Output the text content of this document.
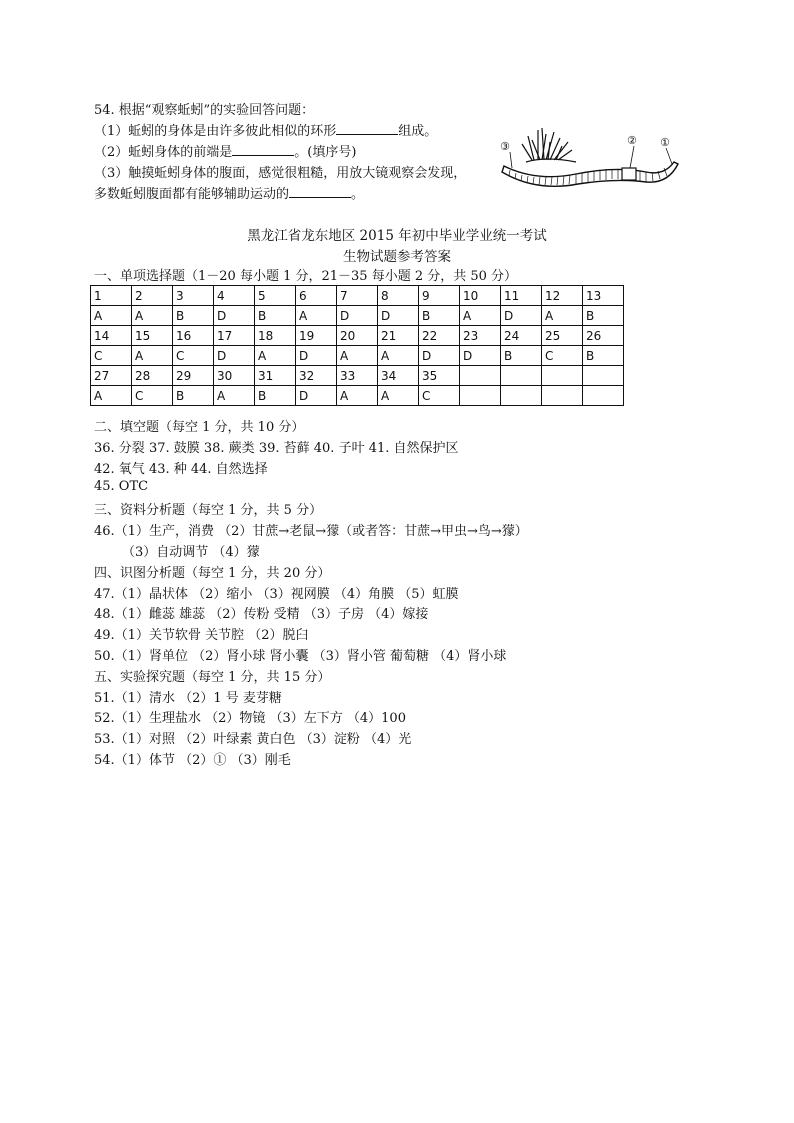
54. 根据“观察蚯蚓”的实验回答问题：
（1）蚯蚓的身体是由许多彼此相似的环形	组成。
（2）蚯蚓身体的前端是	。(填序号)
（3）触摸蚯蚓身体的腹面，感觉很粗糙，用放大镜观察会发现，
多数蚯蚓腹面都有能够辅助运动的	。
③	② ①
黑龙江省龙东地区 2015 年初中毕业学业统一考试
生物试题参考答案
一、单项选择题（1－20 每小题 1 分，21－35 每小题 2 分，共 50 分）
1	2	3	4	5	6	7	8	9	10	11	12	13
A	A	B	D	B	A	D	D	B	A	D	A	B
14	15	16	17	18	19	20	21	22	23	24	25	26
C	A	C	D	A	D	A	A	D	D	B	C	B
27	28	29	30	31	32	33	34	35				
A	C	B	A	B	D	A	A	C				
二、填空题（每空 1 分，共 10 分）
36. 分裂 37. 鼓膜 38. 蕨类 39. 苔藓 40. 子叶 41. 自然保护区
42. 氧气 43. 种 44. 自然选择
45. OTC
三、资料分析题（每空 1 分，共 5 分）
46.（1）生产，消费 （2）甘蔗→老鼠→獴（或者答：甘蔗→甲虫→鸟→獴）
（3）自动调节 （4）獴
四、识图分析题（每空 1 分，共 20 分）
47.（1）晶状体 （2）缩小 （3）视网膜 （4）角膜 （5）虹膜
48.（1）雌蕊 雄蕊 （2）传粉 受精 （3）子房 （4）嫁接
49.（1）关节软骨 关节腔 （2）脱臼
50.（1）肾单位 （2）肾小球 肾小囊 （3）肾小管 葡萄糖 （4）肾小球
五、实验探究题（每空 1 分，共 15 分）
51.（1）清水 （2）1 号 麦芽糖
52.（1）生理盐水 （2）物镜 （3）左下方 （4）100
53.（1）对照 （2）叶绿素 黄白色 （3）淀粉 （4）光
54.（1）体节 （2）① （3）刚毛
